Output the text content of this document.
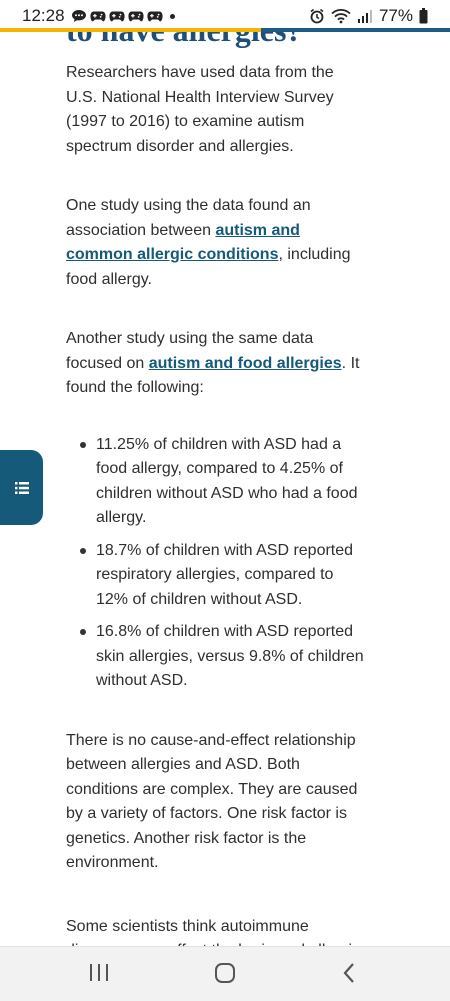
12:28	77%

Researchers have used data from the U.S. National Health Interview Survey (1997 to 2016) to examine autism spectrum disorder and allergies.

One study using the data found an association between autism and common allergic conditions, including food allergy.

Another study using the same data focused on autism and food allergies. It found the following:

11.25% of children with ASD had a food allergy, compared to 4.25% of children without ASD who had a food allergy.
18.7% of children with ASD reported respiratory allergies, compared to 12% of children without ASD.
16.8% of children with ASD reported skin allergies, versus 9.8% of children without ASD.

There is no cause-and-effect relationship between allergies and ASD. Both conditions are complex. They are caused by a variety of factors. One risk factor is genetics. Another risk factor is the environment.

Some scientists think autoimmune
